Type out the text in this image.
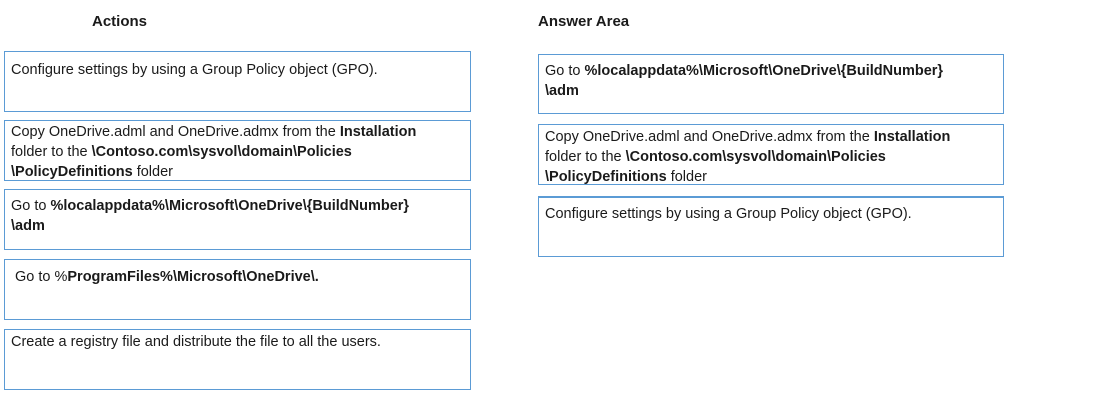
Actions	Answer Area
Configure settings by using a Group Policy object (GPO).
Copy OneDrive.adml and OneDrive.admx from the Installation
folder to the \Contoso.com\sysvol\domain\Policies
\PolicyDefinitions folder
Go to %localappdata%\Microsoft\OneDrive\{BuildNumber}
\adm
Go to %ProgramFiles%\Microsoft\OneDrive\.
Create a registry file and distribute the file to all the users.
Go to %localappdata%\Microsoft\OneDrive\{BuildNumber}
\adm
Copy OneDrive.adml and OneDrive.admx from the Installation
folder to the \Contoso.com\sysvol\domain\Policies
\PolicyDefinitions folder
Configure settings by using a Group Policy object (GPO).
